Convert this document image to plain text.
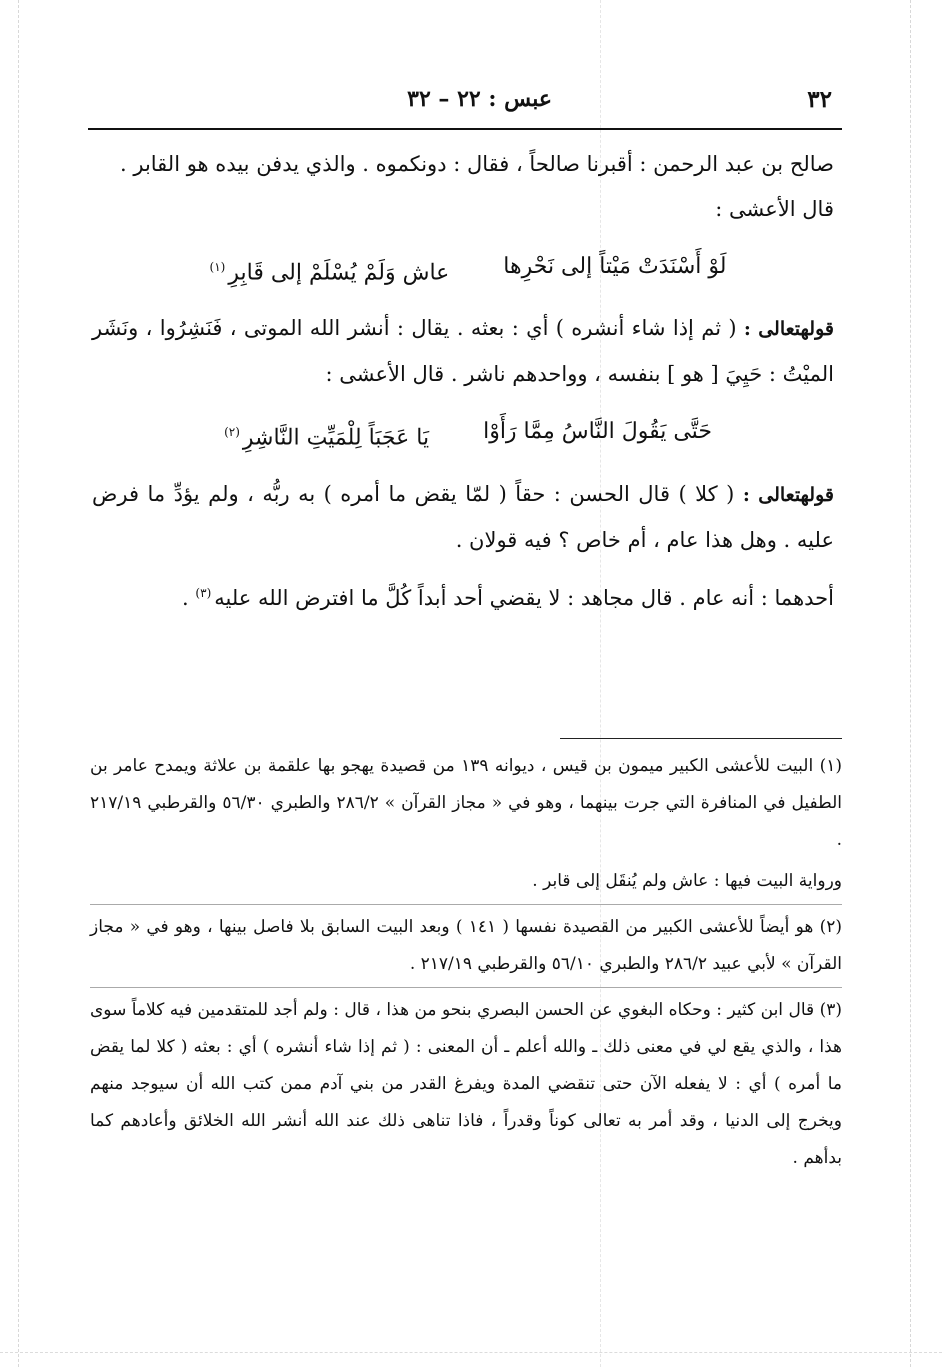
٣٢
عبس : ٢٢ – ٣٢

صالح بن عبد الرحمن : أقبرنا صالحاً ، فقال : دونكموه . والذي يدفن بيده هو القابر .

قال الأعشى :

لَوْ أَسْنَدَتْ مَيْتاً إلى نَحْرِها
عاش وَلَمْ يُسْلَمْ إلى قَابِرِ$^{(١)}$

قولهتعالى : ( ثم إذا شاء أنشره ) أي : بعثه . يقال : أنشر الله الموتى ، فَنَشِرُوا ، ونَشَر الميْتُ : حَيِيَ [ هو ] بنفسه ، وواحدهم ناشر . قال الأعشى :

حَتَّى يَقُولَ النَّاسُ مِمَّا رَأَوْا
يَا عَجَبَاً لِلْمَيِّتِ النَّاشِرِ$^{(٢)}$

قولهتعالى : ( كلا ) قال الحسن : حقاً ( لمّا يقض ما أمره ) به ربُّه ، ولم يؤدِّ ما فرض عليه . وهل هذا عام ، أم خاص ؟ فيه قولان .

أحدهما : أنه عام . قال مجاهد : لا يقضي أحد أبداً كُلَّ ما افترض الله عليه$^{(٣)}$ .

(١) البيت للأعشى الكبير ميمون بن قيس ، ديوانه ١٣٩ من قصيدة يهجو بها علقمة بن علاثة ويمدح عامر بن الطفيل في المنافرة التي جرت بينهما ، وهو في « مجاز القرآن » ٢٨٦/٢ والطبري ٥٦/٣٠ والقرطبي ٢١٧/١٩ .

ورواية البيت فيها : عاش ولم يُنقَل إلى قابر .

(٢) هو أيضاً للأعشى الكبير من القصيدة نفسها ( ١٤١ ) وبعد البيت السابق بلا فاصل بينها ، وهو في « مجاز القرآن » لأبي عبيد ٢٨٦/٢ والطبري ٥٦/١٠ والقرطبي ٢١٧/١٩ .

(٣) قال ابن كثير : وحكاه البغوي عن الحسن البصري بنحو من هذا ، قال : ولم أجد للمتقدمين فيه كلاماً سوى هذا ، والذي يقع لي في معنى ذلك ـ والله أعلم ـ أن المعنى : ( ثم إذا شاء أنشره ) أي : بعثه ( كلا لما يقض ما أمره ) أي : لا يفعله الآن حتى تنقضي المدة ويفرغ القدر من بني آدم ممن كتب الله أن سيوجد منهم ويخرج إلى الدنيا ، وقد أمر به تعالى كوناً وقدراً ، فاذا تناهى ذلك عند الله أنشر الله الخلائق وأعادهم كما بدأهم .
